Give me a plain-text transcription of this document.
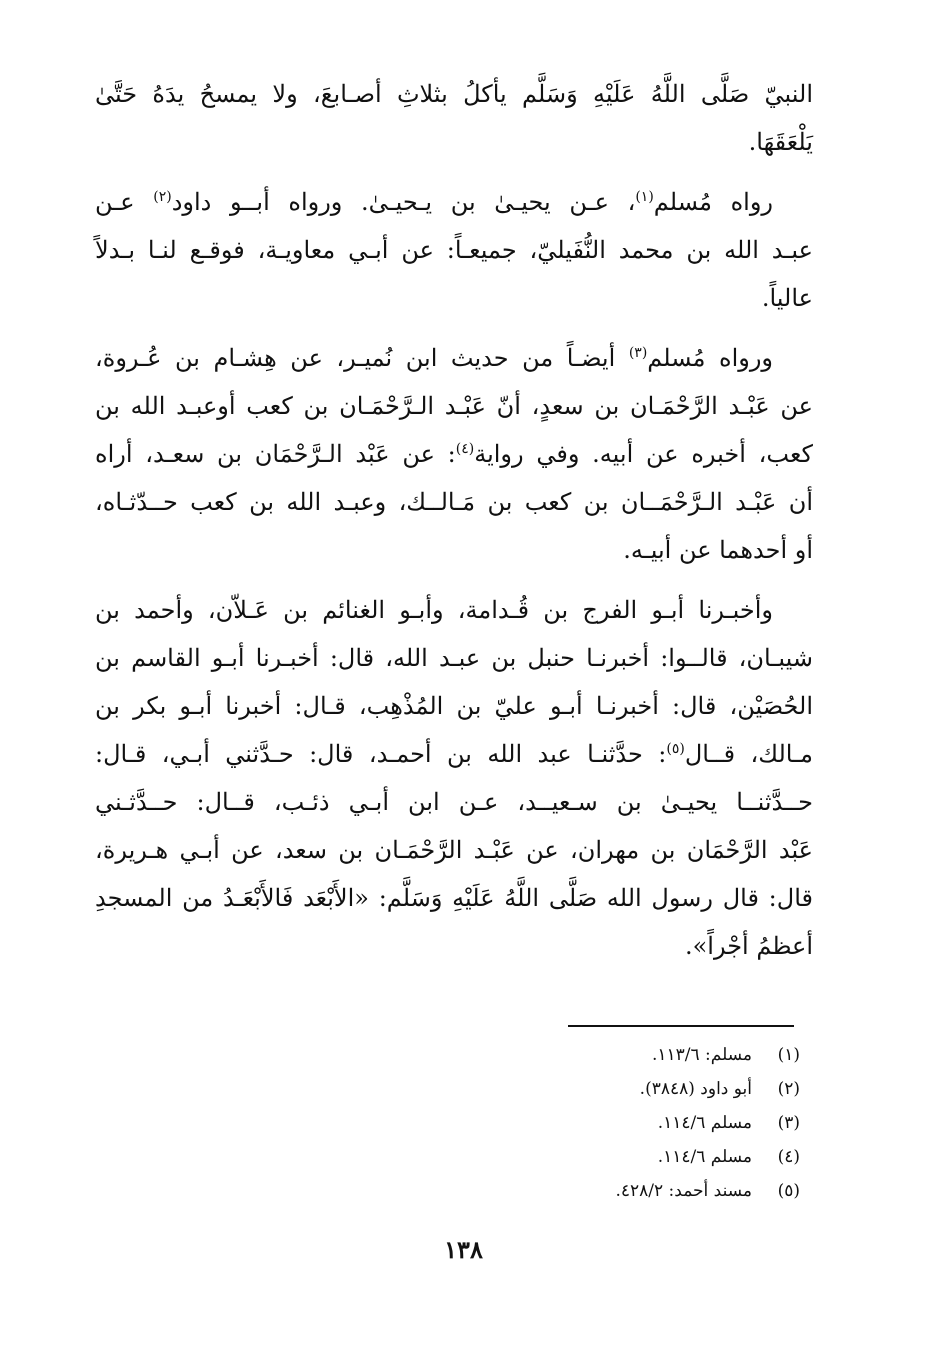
النبيّ صَلَّى اللَّهُ عَلَيْهِ وَسَلَّم يأكلُ بثلاثِ أصـابعَ، ولا يمسحُ يدَهُ حَتَّىٰ
يَلْعَقَهَا.
رواه مُسلم$^{(١)}$، عـن يحيـىٰ بن يـحيـىٰ. ورواه أبــو داود$^{(٢)}$ عـن
عبـد الله بن محمد النُّفَيليّ، جميعـاً: عن أبـي معاويـة، فوقـع لنـا بـدلاً
عالياً.
ورواه مُسلم$^{(٣)}$ أيضـاً من حديث ابن نُميـر، عن هِشـام بن عُـروة،
عن عَبْـد الرَّحْمَـان بن سعدٍ، أنّ عَبْـد الـرَّحْمَـان بن كعب أوعبـد الله بن
كعب، أخبره عن أبيه. وفي رواية$^{(٤)}$: عن عَبْد الـرَّحْمَان بن سعـد، أراه
أن عَبْـد الـرَّحْمَــان بن كعب بن مَـالــك، وعبـد الله بن كعب حــدّثـاه،
أو أحدهما عن أبيـه.
وأخبـرنا أبـو الفرج بن قُـدامة، وأبـو الغنائم بن عَـلاّن، وأحمد بن
شيبـان، قالــوا: أخبرنـا حنبل بن عبـد الله، قال: أخبـرنا أبـو القاسم بن
الحُصَيْن، قال: أخبرنـا أبـو عليّ بن المُذْهِب، قـال: أخبرنا أبـو بكر بن
مـالك، قــال$^{(٥)}$: حدَّثنـا عبد الله بن أحمـد، قال: حـدَّثني أبـي، قـال:
حــدَّثنــا يحيـىٰ بن سـعيــد، عـن ابن أبـي ذئـب، قــال: حــدَّثـني
عَبْد الرَّحْمَان بن مهران، عن عَبْـد الرَّحْمَـان بن سعد، عن أبـي هـريرة،
قال: قال رسول الله صَلَّى اللَّهُ عَلَيْهِ وَسَلَّم: «الأَبْعَد فَالأَبْعَـدُ من المسجدِ
أعظمُ أجْراً».
(١)
مسلم: ١١٣/٦.
(٢)
أبو داود (٣٨٤٨).
(٣)
مسلم ١١٤/٦.
(٤)
مسلم ١١٤/٦.
(٥)
مسند أحمد: ٤٢٨/٢.
١٣٨
